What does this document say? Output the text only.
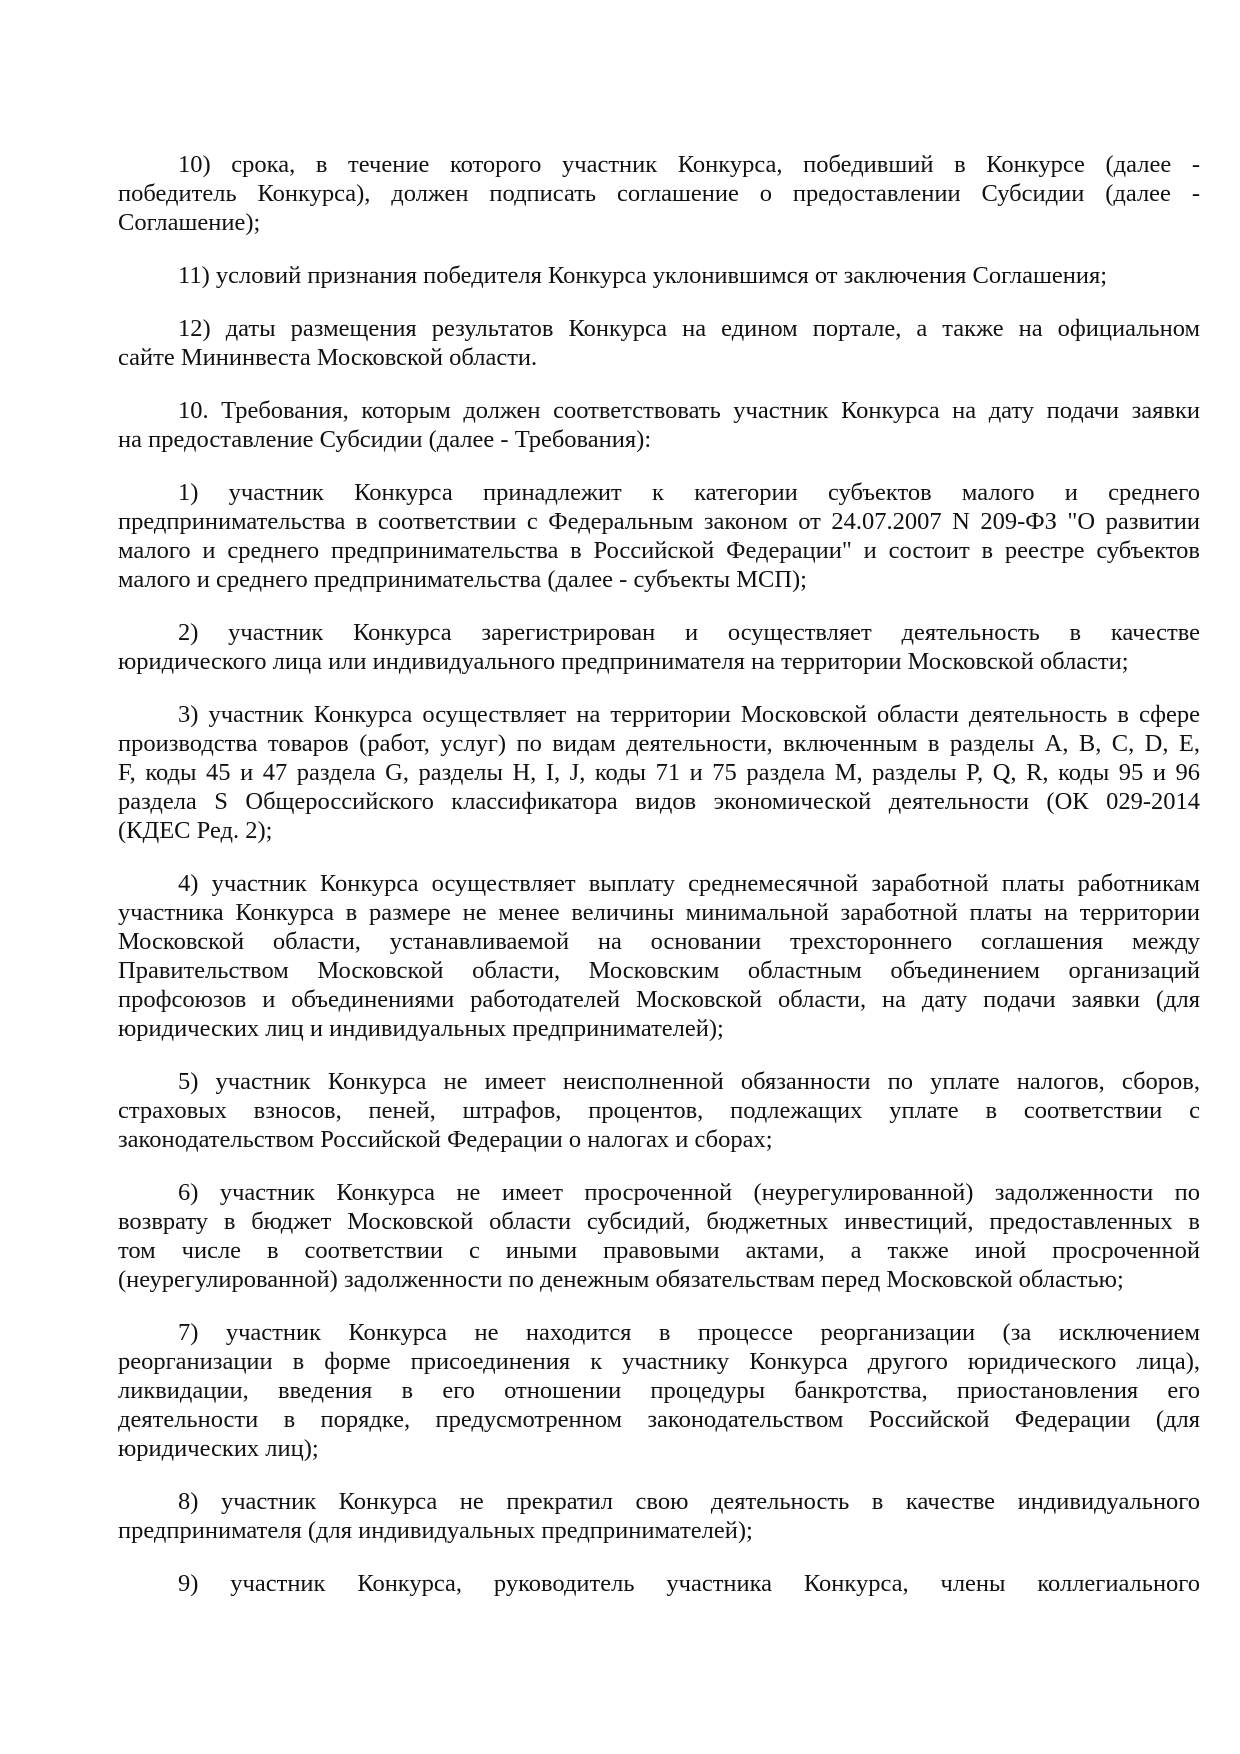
10) срока, в течение которого участник Конкурса, победивший в Конкурсе (далее -
победитель Конкурса), должен подписать соглашение о предоставлении Субсидии (далее -
Соглашение);
11) условий признания победителя Конкурса уклонившимся от заключения Соглашения;
12) даты размещения результатов Конкурса на едином портале, а также на официальном
сайте Мининвеста Московской области.
10. Требования, которым должен соответствовать участник Конкурса на дату подачи заявки
на предоставление Субсидии (далее - Требования):
1) участник Конкурса принадлежит к категории субъектов малого и среднего
предпринимательства в соответствии с Федеральным законом от 24.07.2007 N 209-ФЗ "О развитии
малого и среднего предпринимательства в Российской Федерации" и состоит в реестре субъектов
малого и среднего предпринимательства (далее - субъекты МСП);
2) участник Конкурса зарегистрирован и осуществляет деятельность в качестве
юридического лица или индивидуального предпринимателя на территории Московской области;
3) участник Конкурса осуществляет на территории Московской области деятельность в сфере
производства товаров (работ, услуг) по видам деятельности, включенным в разделы A, B, C, D, E,
F, коды 45 и 47 раздела G, разделы H, I, J, коды 71 и 75 раздела M, разделы P, Q, R, коды 95 и 96
раздела S Общероссийского классификатора видов экономической деятельности (ОК 029-2014
(КДЕС Ред. 2);
4) участник Конкурса осуществляет выплату среднемесячной заработной платы работникам
участника Конкурса в размере не менее величины минимальной заработной платы на территории
Московской области, устанавливаемой на основании трехстороннего соглашения между
Правительством Московской области, Московским областным объединением организаций
профсоюзов и объединениями работодателей Московской области, на дату подачи заявки (для
юридических лиц и индивидуальных предпринимателей);
5) участник Конкурса не имеет неисполненной обязанности по уплате налогов, сборов,
страховых взносов, пеней, штрафов, процентов, подлежащих уплате в соответствии с
законодательством Российской Федерации о налогах и сборах;
6) участник Конкурса не имеет просроченной (неурегулированной) задолженности по
возврату в бюджет Московской области субсидий, бюджетных инвестиций, предоставленных в
том числе в соответствии с иными правовыми актами, а также иной просроченной
(неурегулированной) задолженности по денежным обязательствам перед Московской областью;
7) участник Конкурса не находится в процессе реорганизации (за исключением
реорганизации в форме присоединения к участнику Конкурса другого юридического лица),
ликвидации, введения в его отношении процедуры банкротства, приостановления его
деятельности в порядке, предусмотренном законодательством Российской Федерации (для
юридических лиц);
8) участник Конкурса не прекратил свою деятельность в качестве индивидуального
предпринимателя (для индивидуальных предпринимателей);
9) участник Конкурса, руководитель участника Конкурса, члены коллегиального
